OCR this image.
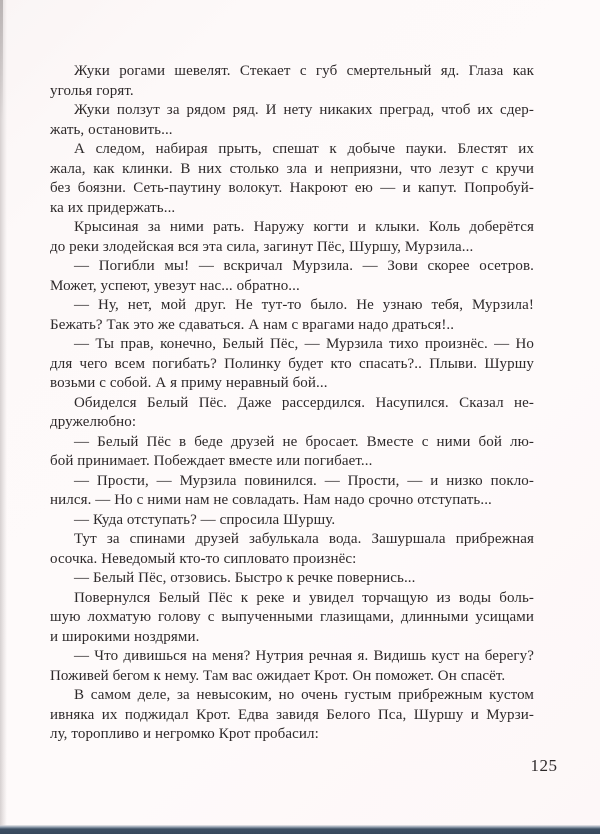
Жуки рогами шевелят. Стекает с губ смертельный яд. Глаза как
уголья горят.
Жуки ползут за рядом ряд. И нету никаких преград, чтоб их сдер-
жать, остановить...
А следом, набирая прыть, спешат к добыче пауки. Блестят их
жала, как клинки. В них столько зла и неприязни, что лезут с кручи
без боязни. Сеть-паутину волокут. Накроют ею — и капут. Попробуй-
ка их придержать...
Крысиная за ними рать. Наружу когти и клыки. Коль доберётся
до реки злодейская вся эта сила, загинут Пёс, Шуршу, Мурзила...
— Погибли мы! — вскричал Мурзила. — Зови скорее осетров.
Может, успеют, увезут нас... обратно...
— Ну, нет, мой друг. Не тут-то было. Не узнаю тебя, Мурзила!
Бежать? Так это же сдаваться. А нам с врагами надо драться!..
— Ты прав, конечно, Белый Пёс, — Мурзила тихо произнёс. — Но
для чего всем погибать? Полинку будет кто спасать?.. Плыви. Шуршу
возьми с собой. А я приму неравный бой...
Обиделся Белый Пёс. Даже рассердился. Насупился. Сказал не-
дружелюбно:
— Белый Пёс в беде друзей не бросает. Вместе с ними бой лю-
бой принимает. Побеждает вместе или погибает...
— Прости, — Мурзила повинился. — Прости, — и низко покло-
нился. — Но с ними нам не совладать. Нам надо срочно отступать...
— Куда отступать? — спросила Шуршу.
Тут за спинами друзей забулькала вода. Зашуршала прибрежная
осочка. Неведомый кто-то сипловато произнёс:
— Белый Пёс, отзовись. Быстро к речке повернись...
Повернулся Белый Пёс к реке и увидел торчащую из воды боль-
шую лохматую голову с выпученными глазищами, длинными усищами
и широкими ноздрями.
— Что дивишься на меня? Нутрия речная я. Видишь куст на берегу?
Поживей бегом к нему. Там вас ожидает Крот. Он поможет. Он спасёт.
В самом деле, за невысоким, но очень густым прибрежным кустом
ивняка их поджидал Крот. Едва завидя Белого Пса, Шуршу и Мурзи-
лу, торопливо и негромко Крот пробасил:
125
